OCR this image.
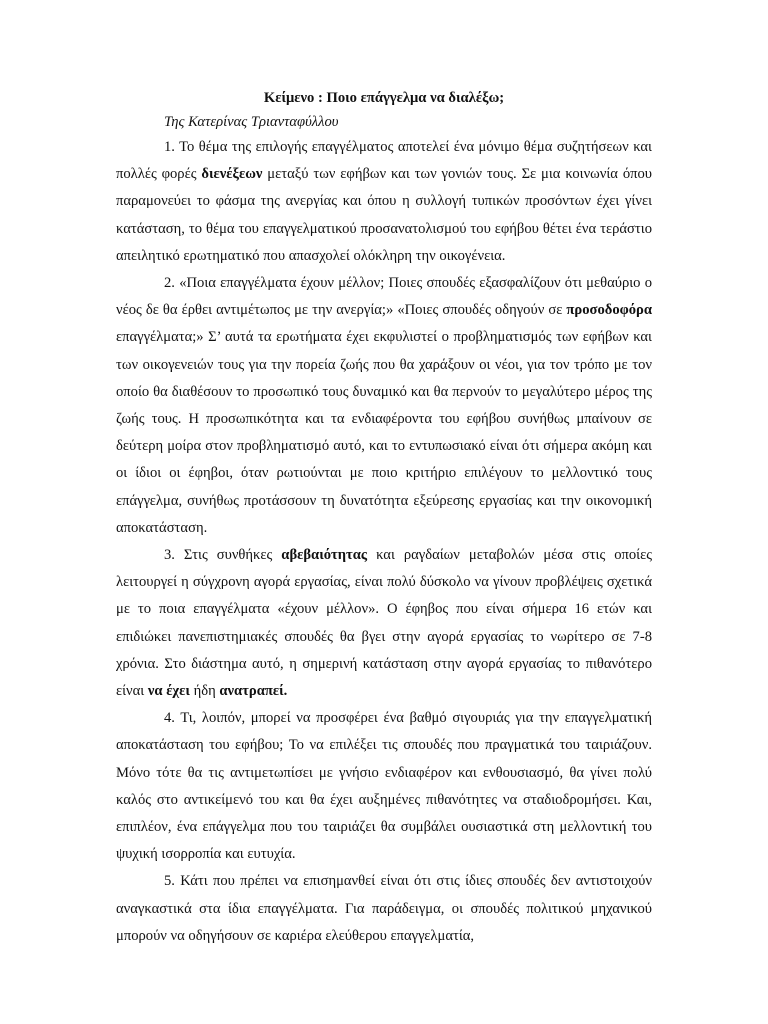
Κείμενο : Ποιο επάγγελμα να διαλέξω;

Της Κατερίνας Τριανταφύλλου

1. Το θέμα της επιλογής επαγγέλματος αποτελεί ένα μόνιμο θέμα συζητήσεων και πολλές φορές διενέξεων μεταξύ των εφήβων και των γονιών τους. Σε μια κοινωνία όπου παραμονεύει το φάσμα της ανεργίας και όπου η συλλογή τυπικών προσόντων έχει γίνει κατάσταση, το θέμα του επαγγελματικού προσανατολισμού του εφήβου θέτει ένα τεράστιο απειλητικό ερωτηματικό που απασχολεί ολόκληρη την οικογένεια.

2. «Ποια επαγγέλματα έχουν μέλλον; Ποιες σπουδές εξασφαλίζουν ότι μεθαύριο ο νέος δε θα έρθει αντιμέτωπος με την ανεργία;» «Ποιες σπουδές οδηγούν σε προσοδοφόρα επαγγέλματα;» Σ’ αυτά τα ερωτήματα έχει εκφυλιστεί ο προβληματισμός των εφήβων και των οικογενειών τους για την πορεία ζωής που θα χαράξουν οι νέοι, για τον τρόπο με τον οποίο θα διαθέσουν το προσωπικό τους δυναμικό και θα περνούν το μεγαλύτερο μέρος της ζωής τους. Η προσωπικότητα και τα ενδιαφέροντα του εφήβου συνήθως μπαίνουν σε δεύτερη μοίρα στον προβληματισμό αυτό, και το εντυπωσιακό είναι ότι σήμερα ακόμη και οι ίδιοι οι έφηβοι, όταν ρωτιούνται με ποιο κριτήριο επιλέγουν το μελλοντικό τους επάγγελμα, συνήθως προτάσσουν τη δυνατότητα εξεύρεσης εργασίας και την οικονομική αποκατάσταση.

3. Στις συνθήκες αβεβαιότητας και ραγδαίων μεταβολών μέσα στις οποίες λειτουργεί η σύγχρονη αγορά εργασίας, είναι πολύ δύσκολο να γίνουν προβλέψεις σχετικά με το ποια επαγγέλματα «έχουν μέλλον». Ο έφηβος που είναι σήμερα 16 ετών και επιδιώκει πανεπιστημιακές σπουδές θα βγει στην αγορά εργασίας το νωρίτερο σε 7-8 χρόνια. Στο διάστημα αυτό, η σημερινή κατάσταση στην αγορά εργασίας το πιθανότερο είναι να έχει ήδη ανατραπεί.

4. Τι, λοιπόν, μπορεί να προσφέρει ένα βαθμό σιγουριάς για την επαγγελματική αποκατάσταση του εφήβου; Το να επιλέξει τις σπουδές που πραγματικά του ταιριάζουν. Μόνο τότε θα τις αντιμετωπίσει με γνήσιο ενδιαφέρον και ενθουσιασμό, θα γίνει πολύ καλός στο αντικείμενό του και θα έχει αυξημένες πιθανότητες να σταδιοδρομήσει. Και, επιπλέον, ένα επάγγελμα που του ταιριάζει θα συμβάλει ουσιαστικά στη μελλοντική του ψυχική ισορροπία και ευτυχία.

5. Κάτι που πρέπει να επισημανθεί είναι ότι στις ίδιες σπουδές δεν αντιστοιχούν αναγκαστικά στα ίδια επαγγέλματα. Για παράδειγμα, οι σπουδές πολιτικού μηχανικού μπορούν να οδηγήσουν σε καριέρα ελεύθερου επαγγελματία,
